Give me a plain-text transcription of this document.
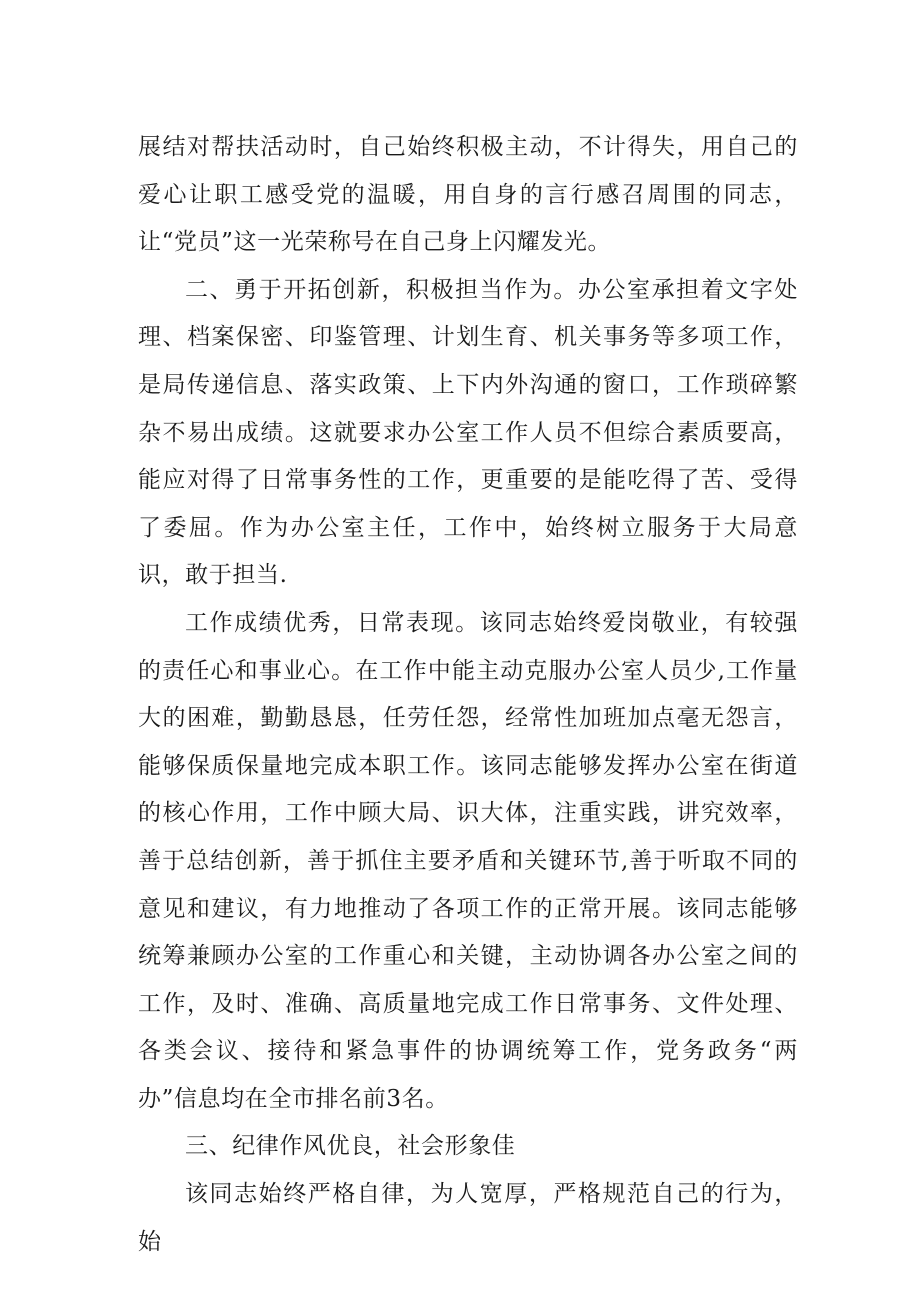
展结对帮扶活动时，自己始终积极主动，不计得失，用自己的爱心让职工感受党的温暖，用自身的言行感召周围的同志，让“党员”这一光荣称号在自己身上闪耀发光。

二、勇于开拓创新，积极担当作为。办公室承担着文字处理、档案保密、印鉴管理、计划生育、机关事务等多项工作，是局传递信息、落实政策、上下内外沟通的窗口，工作琐碎繁杂不易出成绩。这就要求办公室工作人员不但综合素质要高，能应对得了日常事务性的工作，更重要的是能吃得了苦、受得了委屈。作为办公室主任，工作中，始终树立服务于大局意识，敢于担当.

工作成绩优秀，日常表现。该同志始终爱岗敬业，有较强的责任心和事业心。在工作中能主动克服办公室人员少,工作量大的困难，勤勤恳恳，任劳任怨，经常性加班加点毫无怨言，能够保质保量地完成本职工作。该同志能够发挥办公室在街道的核心作用，工作中顾大局、识大体，注重实践，讲究效率，善于总结创新，善于抓住主要矛盾和关键环节,善于听取不同的意见和建议，有力地推动了各项工作的正常开展。该同志能够统筹兼顾办公室的工作重心和关键，主动协调各办公室之间的工作，及时、准确、高质量地完成工作日常事务、文件处理、各类会议、接待和紧急事件的协调统筹工作，党务政务“两办”信息均在全市排名前3名。

三、纪律作风优良，社会形象佳

该同志始终严格自律，为人宽厚，严格规范自己的行为，始
